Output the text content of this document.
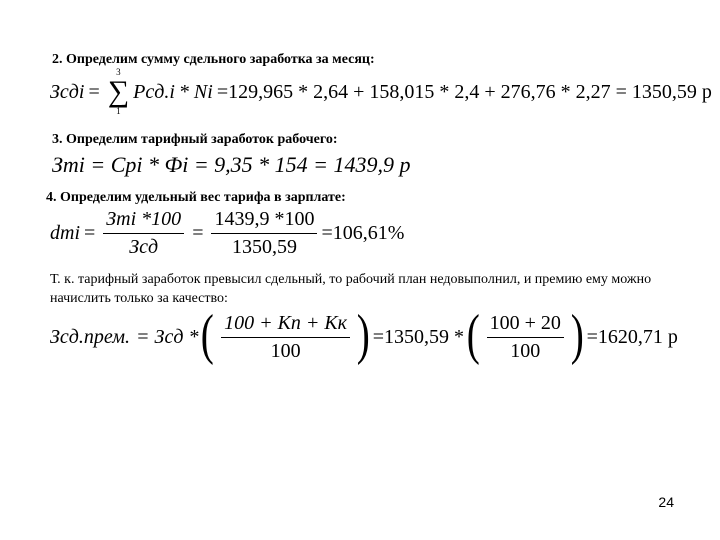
2. Определим сумму сдельного заработка за месяц:
Зсдi =
3
∑
1
Pсд.i * Ni =129,965 * 2,64 + 158,015 * 2,4 + 276,76 * 2,27 = 1350,59 р
3. Определим тарифный заработок рабочего:
Зтi = Cpi * Фi = 9,35 * 154 = 1439,9 р
4. Определим удельный вес тарифа в зарплате:
dтi = $\frac{\text{Зтi *100}}{\text{Зсд}} = \frac{1439,9 *100}{1350,59} =106,61\%$
Т. к. тарифный заработок превысил сдельный, то рабочий план недовыполнил, и премию ему можно начислить только за качество:
Зсд.прем. = Зсд * ( $\frac{100 + Кп + Кк}{100}$ ) =1350,59 * ( $\frac{100 + 20}{100}$ ) =1620,71 р
24
